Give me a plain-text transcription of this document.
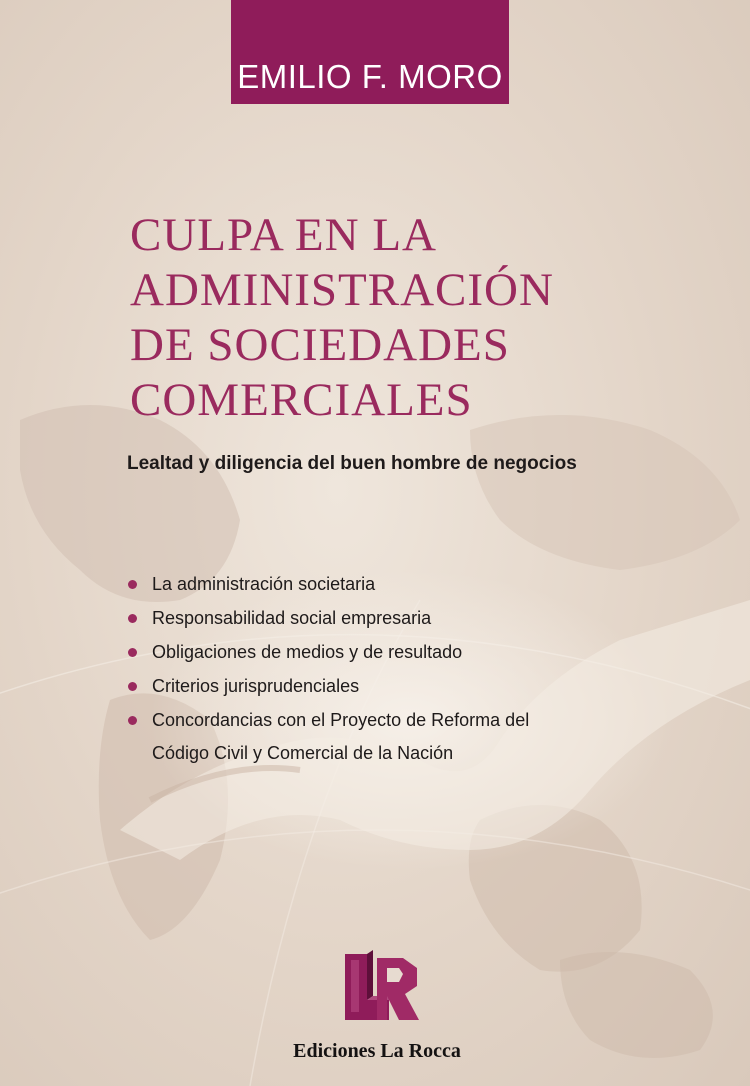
EMILIO F. MORO
CULPA EN LA
ADMINISTRACIÓN
DE SOCIEDADES
COMERCIALES
Lealtad y diligencia del buen hombre de negocios
La administración societaria
Responsabilidad social empresaria
Obligaciones de medios y de resultado
Criterios jurisprudenciales
Concordancias con el Proyecto de Reforma del
Código Civil y Comercial de la Nación
Ediciones La Rocca
